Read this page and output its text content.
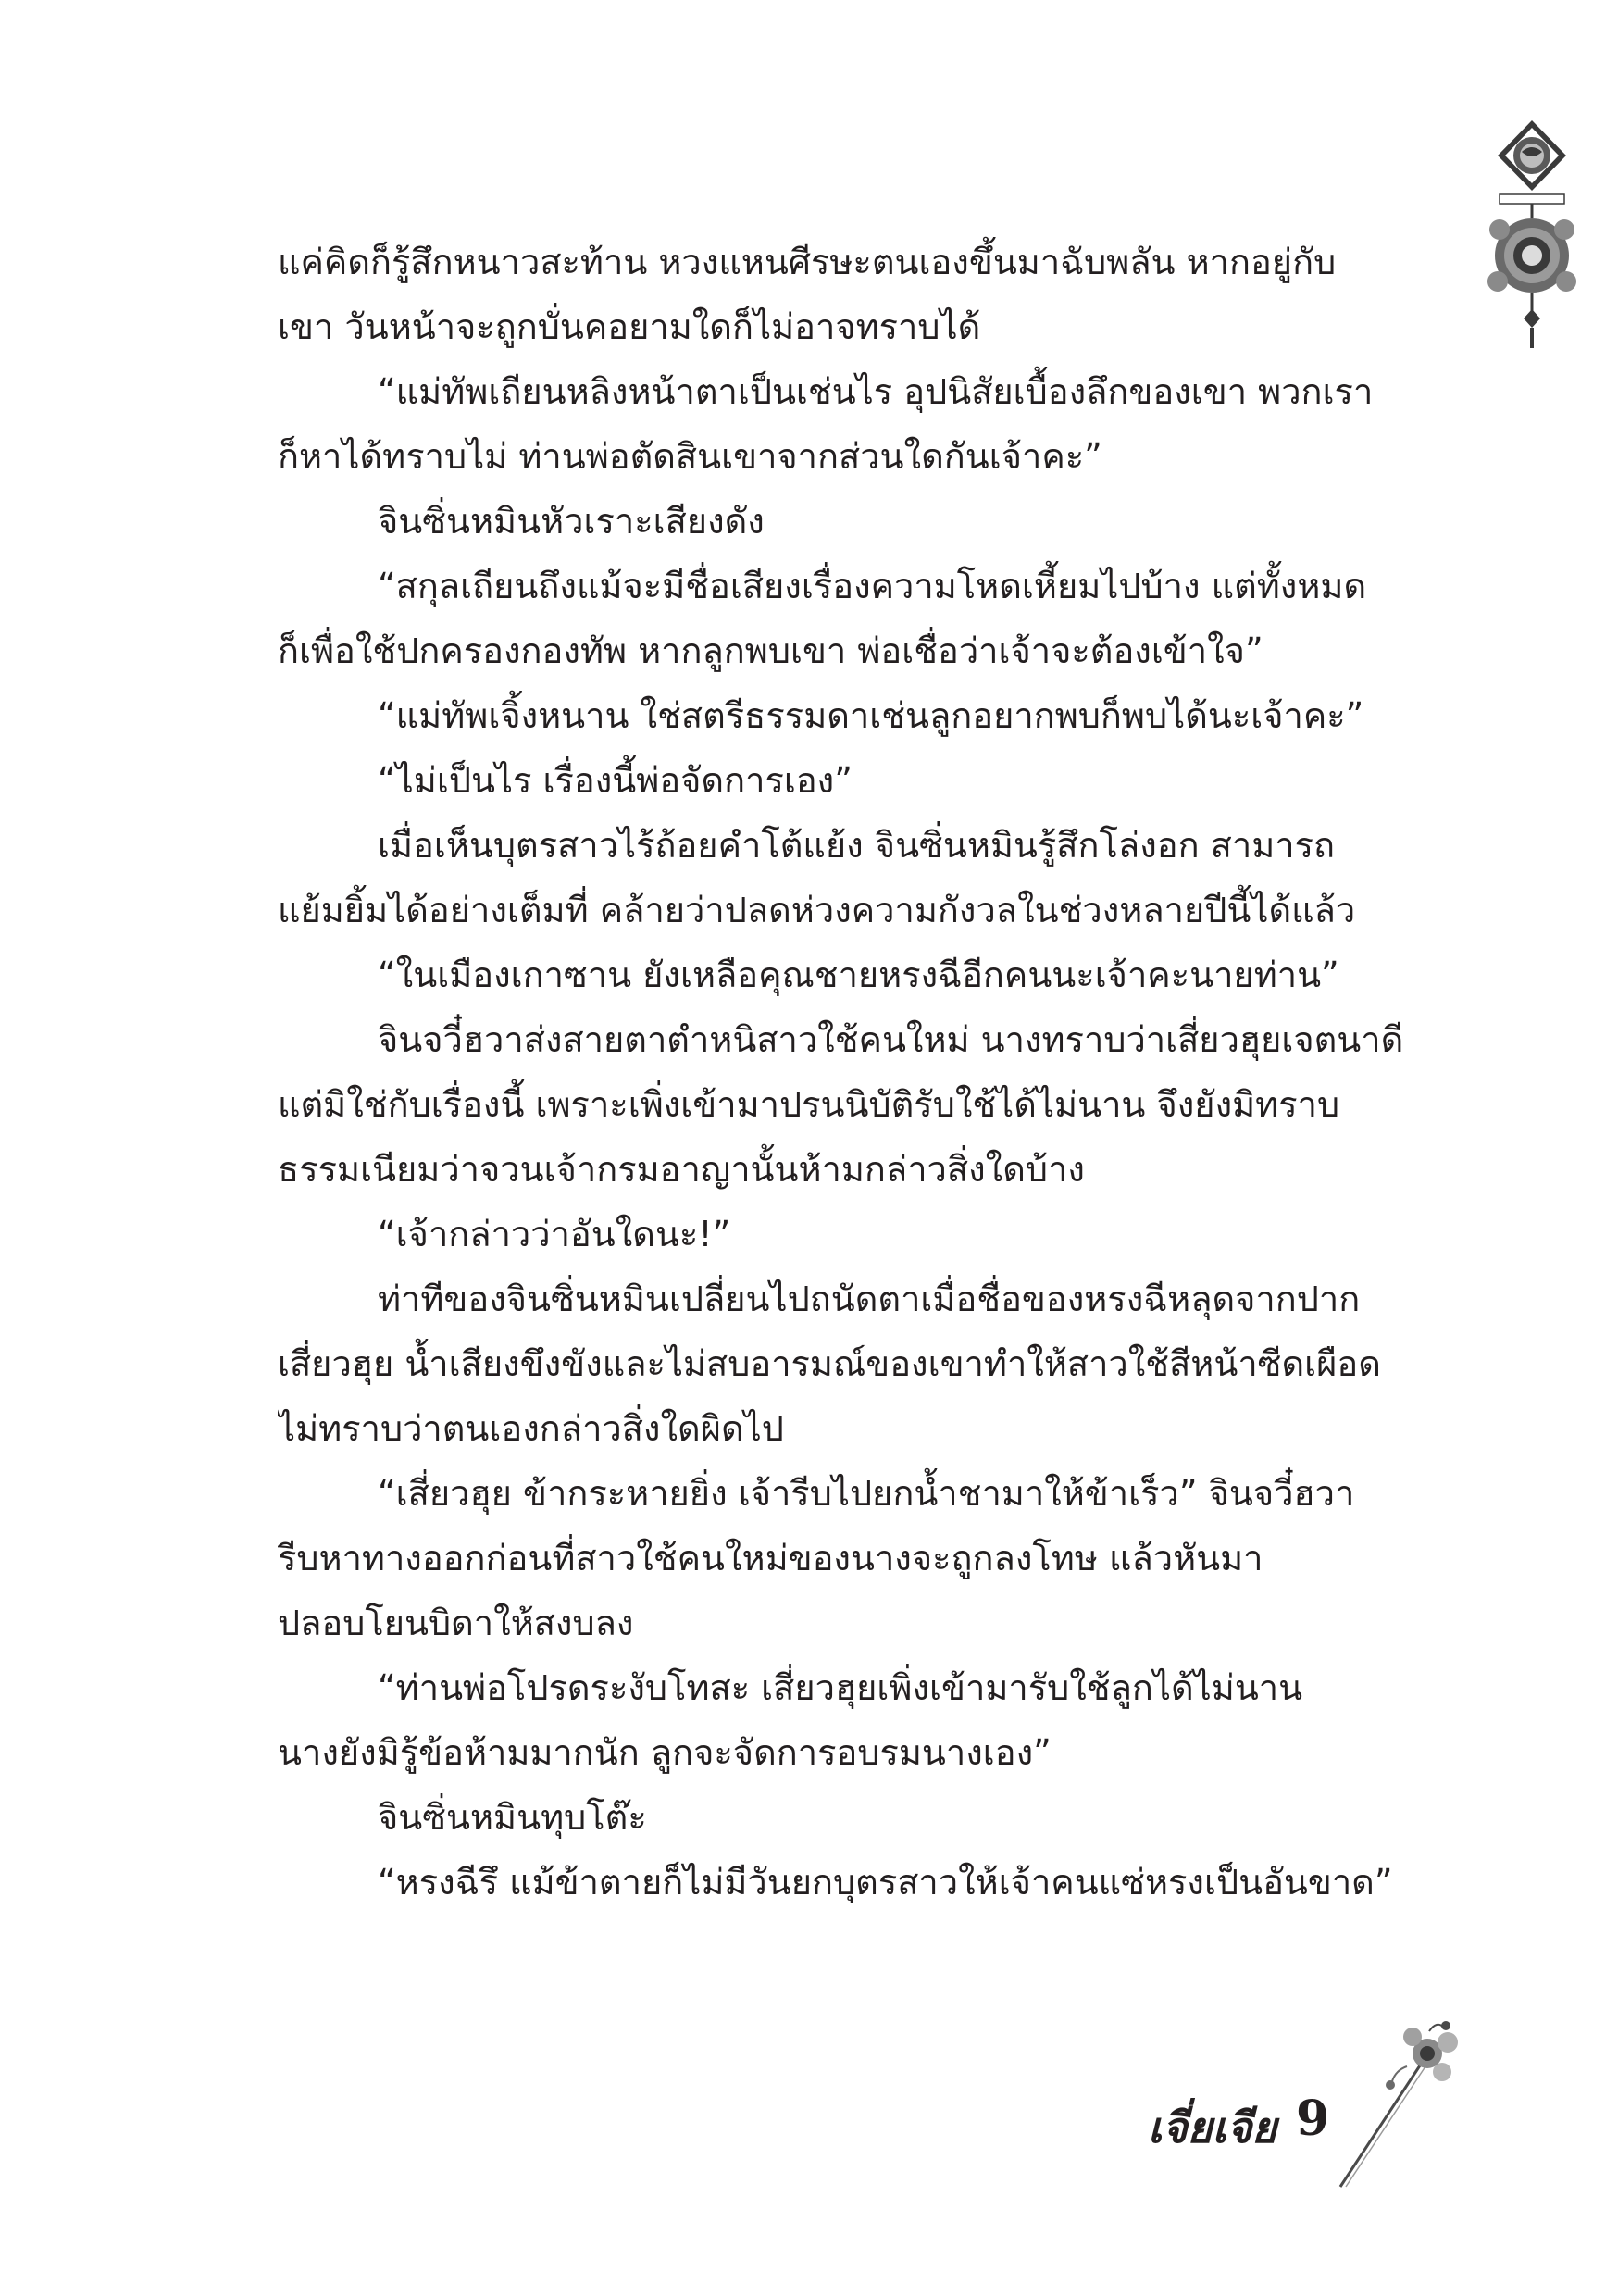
แค่คิดก็รู้สึกหนาวสะท้าน หวงแหนศีรษะตนเองขึ้นมาฉับพลัน หากอยู่กับ
เขา วันหน้าจะถูกบั่นคอยามใดก็ไม่อาจทราบได้
“แม่ทัพเถียนหลิงหน้าตาเป็นเช่นไร อุปนิสัยเบื้องลึกของเขา พวกเรา
ก็หาได้ทราบไม่ ท่านพ่อตัดสินเขาจากส่วนใดกันเจ้าคะ”
จินซิ่นหมินหัวเราะเสียงดัง
“สกุลเถียนถึงแม้จะมีชื่อเสียงเรื่องความโหดเหี้ยมไปบ้าง แต่ทั้งหมด
ก็เพื่อใช้ปกครองกองทัพ หากลูกพบเขา พ่อเชื่อว่าเจ้าจะต้องเข้าใจ”
“แม่ทัพเจิ้งหนาน ใช่สตรีธรรมดาเช่นลูกอยากพบก็พบได้นะเจ้าคะ”
“ไม่เป็นไร เรื่องนี้พ่อจัดการเอง”
เมื่อเห็นบุตรสาวไร้ถ้อยคำโต้แย้ง จินซิ่นหมินรู้สึกโล่งอก สามารถ
แย้มยิ้มได้อย่างเต็มที่ คล้ายว่าปลดห่วงความกังวลในช่วงหลายปีนี้ได้แล้ว
“ในเมืองเกาซาน ยังเหลือคุณชายหรงฉีอีกคนนะเจ้าคะนายท่าน”
จินจวี๋ฮวาส่งสายตาตำหนิสาวใช้คนใหม่ นางทราบว่าเสี่ยวฮุยเจตนาดี
แต่มิใช่กับเรื่องนี้ เพราะเพิ่งเข้ามาปรนนิบัติรับใช้ได้ไม่นาน จึงยังมิทราบ
ธรรมเนียมว่าจวนเจ้ากรมอาญานั้นห้ามกล่าวสิ่งใดบ้าง
“เจ้ากล่าวว่าอันใดนะ!”
ท่าทีของจินซิ่นหมินเปลี่ยนไปถนัดตาเมื่อชื่อของหรงฉีหลุดจากปาก
เสี่ยวฮุย น้ำเสียงขึงขังและไม่สบอารมณ์ของเขาทำให้สาวใช้สีหน้าซีดเผือด
ไม่ทราบว่าตนเองกล่าวสิ่งใดผิดไป
“เสี่ยวฮุย ข้ากระหายยิ่ง เจ้ารีบไปยกน้ำชามาให้ข้าเร็ว” จินจวี๋ฮวา
รีบหาทางออกก่อนที่สาวใช้คนใหม่ของนางจะถูกลงโทษ แล้วหันมา
ปลอบโยนบิดาให้สงบลง
“ท่านพ่อโปรดระงับโทสะ เสี่ยวฮุยเพิ่งเข้ามารับใช้ลูกได้ไม่นาน
นางยังมิรู้ข้อห้ามมากนัก ลูกจะจัดการอบรมนางเอง”
จินซิ่นหมินทุบโต๊ะ
“หรงฉีรึ แม้ข้าตายก็ไม่มีวันยกบุตรสาวให้เจ้าคนแซ่หรงเป็นอันขาด”
เจี่ยเจีย 9
